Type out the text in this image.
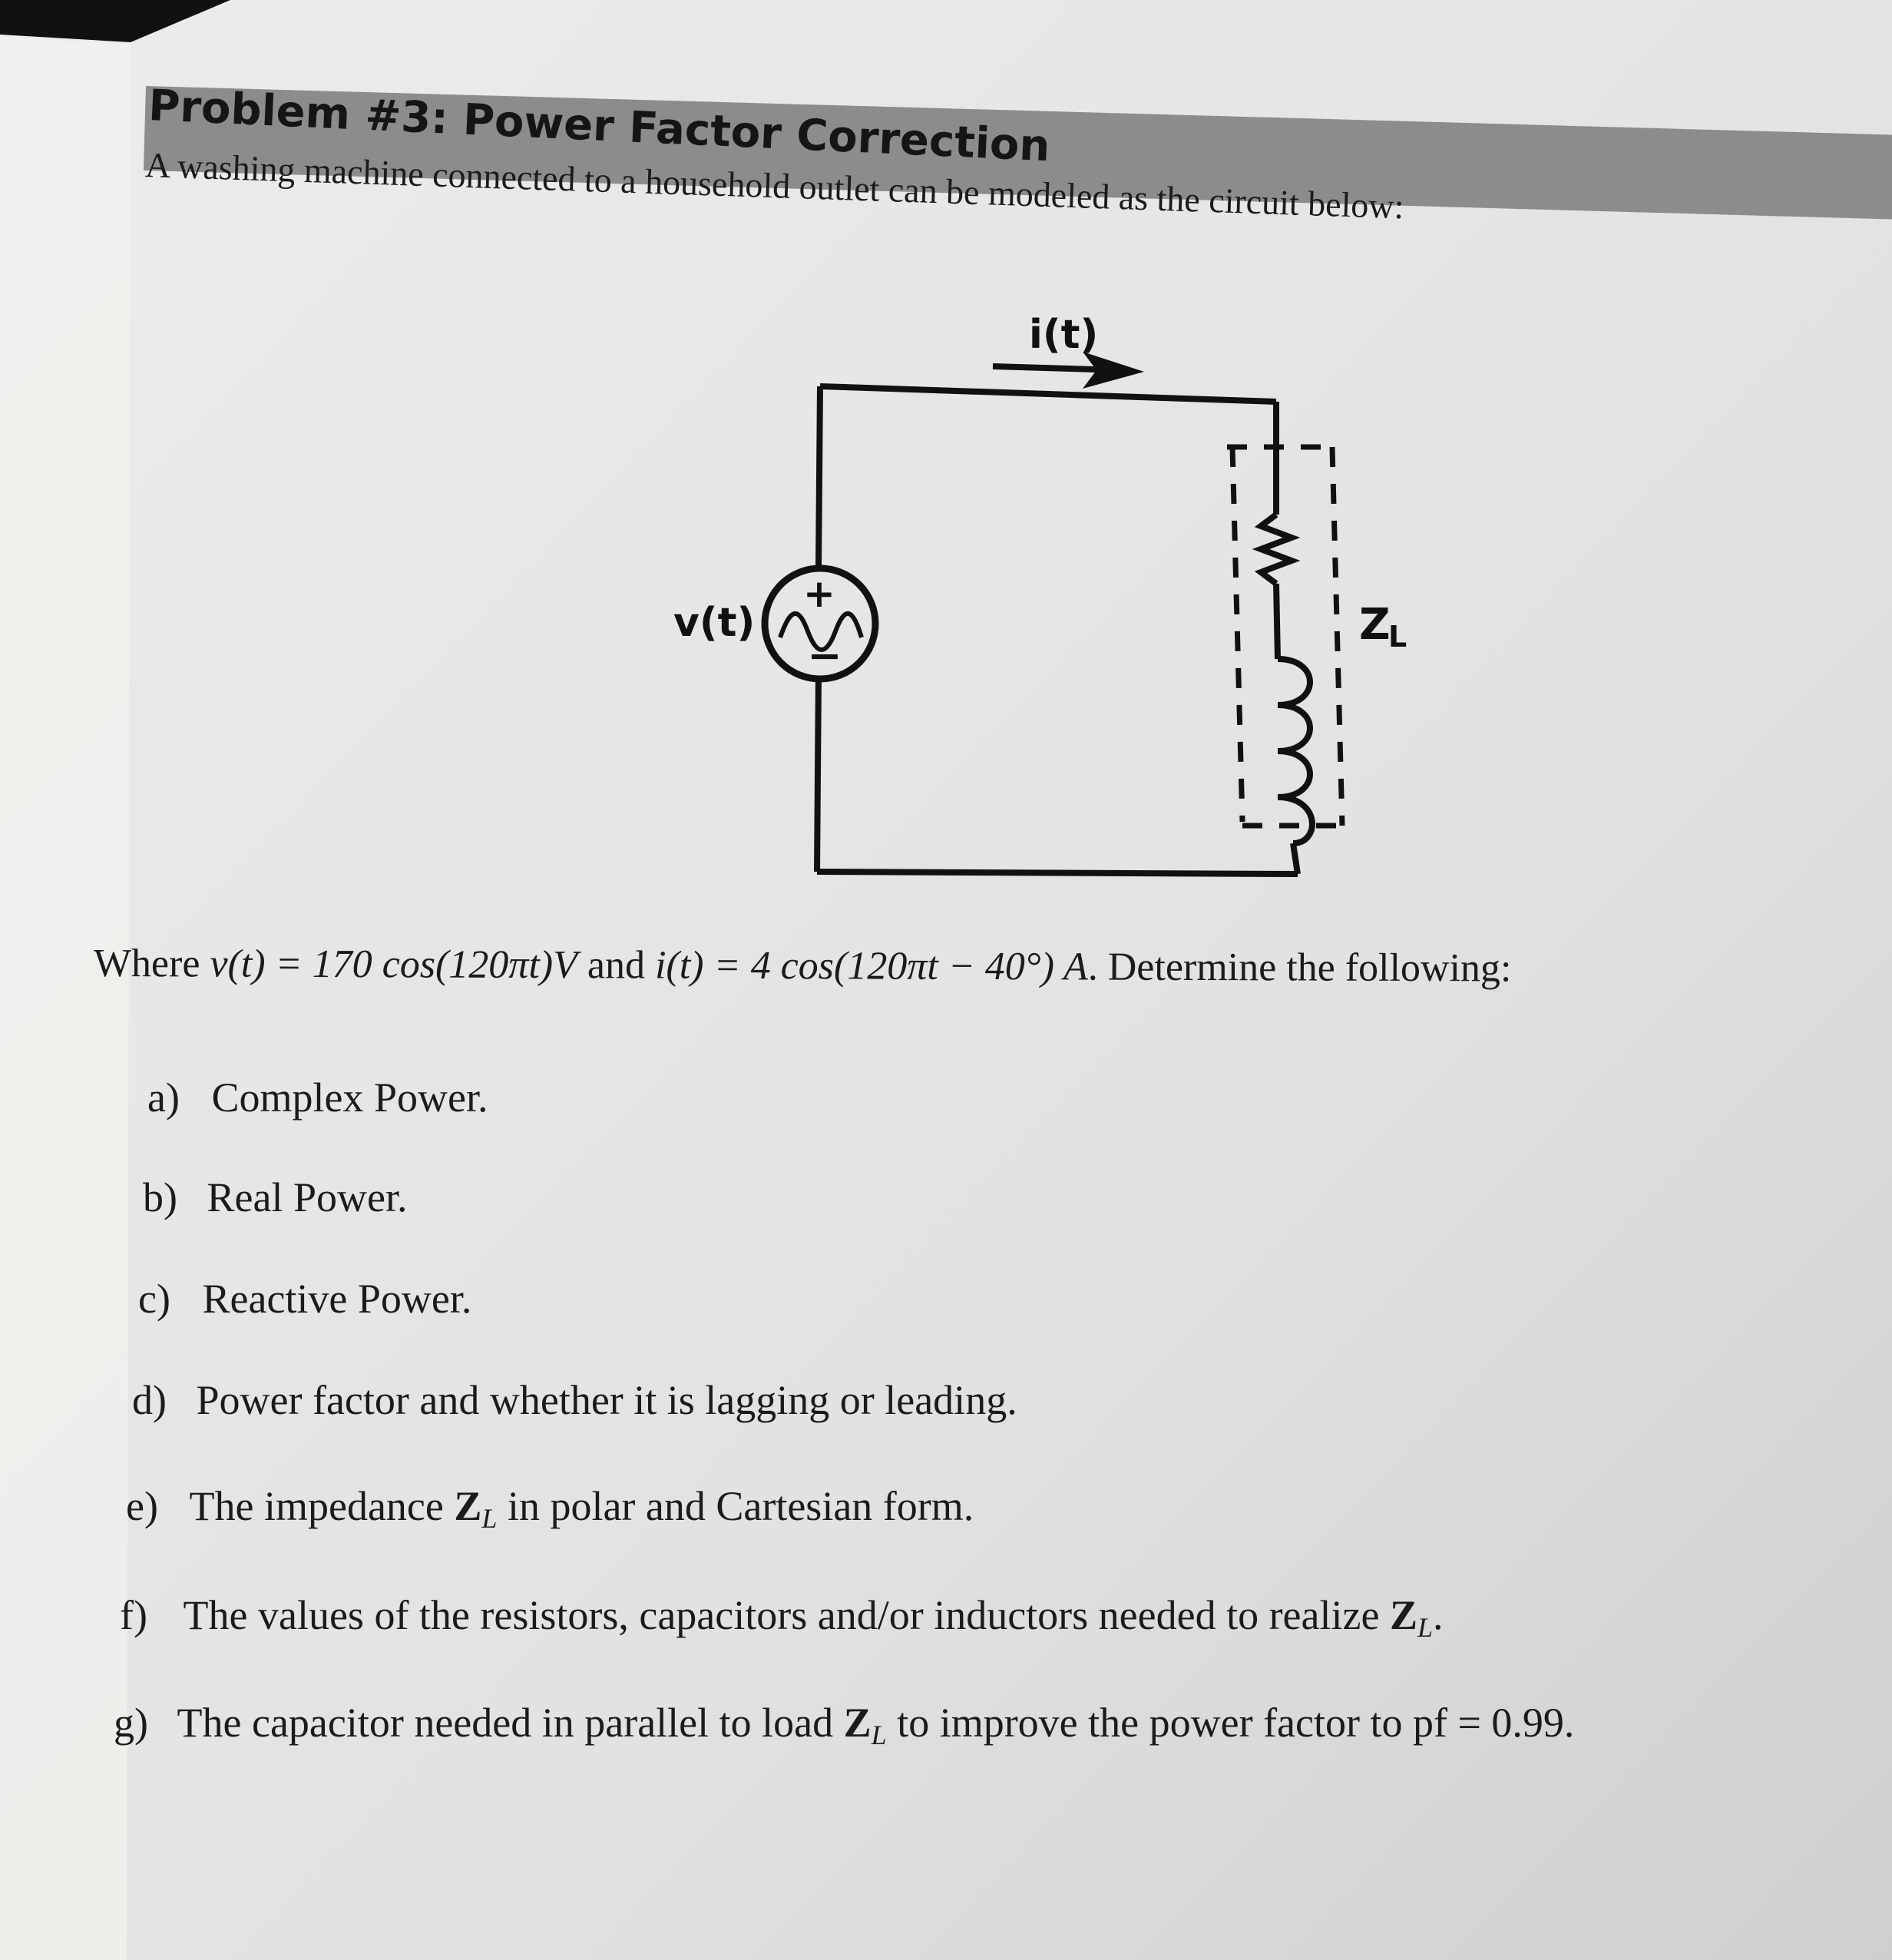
Problem #3: Power Factor Correction
A washing machine connected to a household outlet can be modeled as the circuit below:
+
−
v(t)
i(t)
Z
L
Where v(t) = 170 cos(120πt)V and i(t) = 4 cos(120πt − 40°) A. Determine the following:
a) Complex Power.
b) Real Power.
c) Reactive Power.
d) Power factor and whether it is lagging or leading.
e) The impedance $Z_L$ in polar and Cartesian form.
f) The values of the resistors, capacitors and/or inductors needed to realize $Z_L$.
g) The capacitor needed in parallel to load $Z_L$ to improve the power factor to pf = 0.99.
